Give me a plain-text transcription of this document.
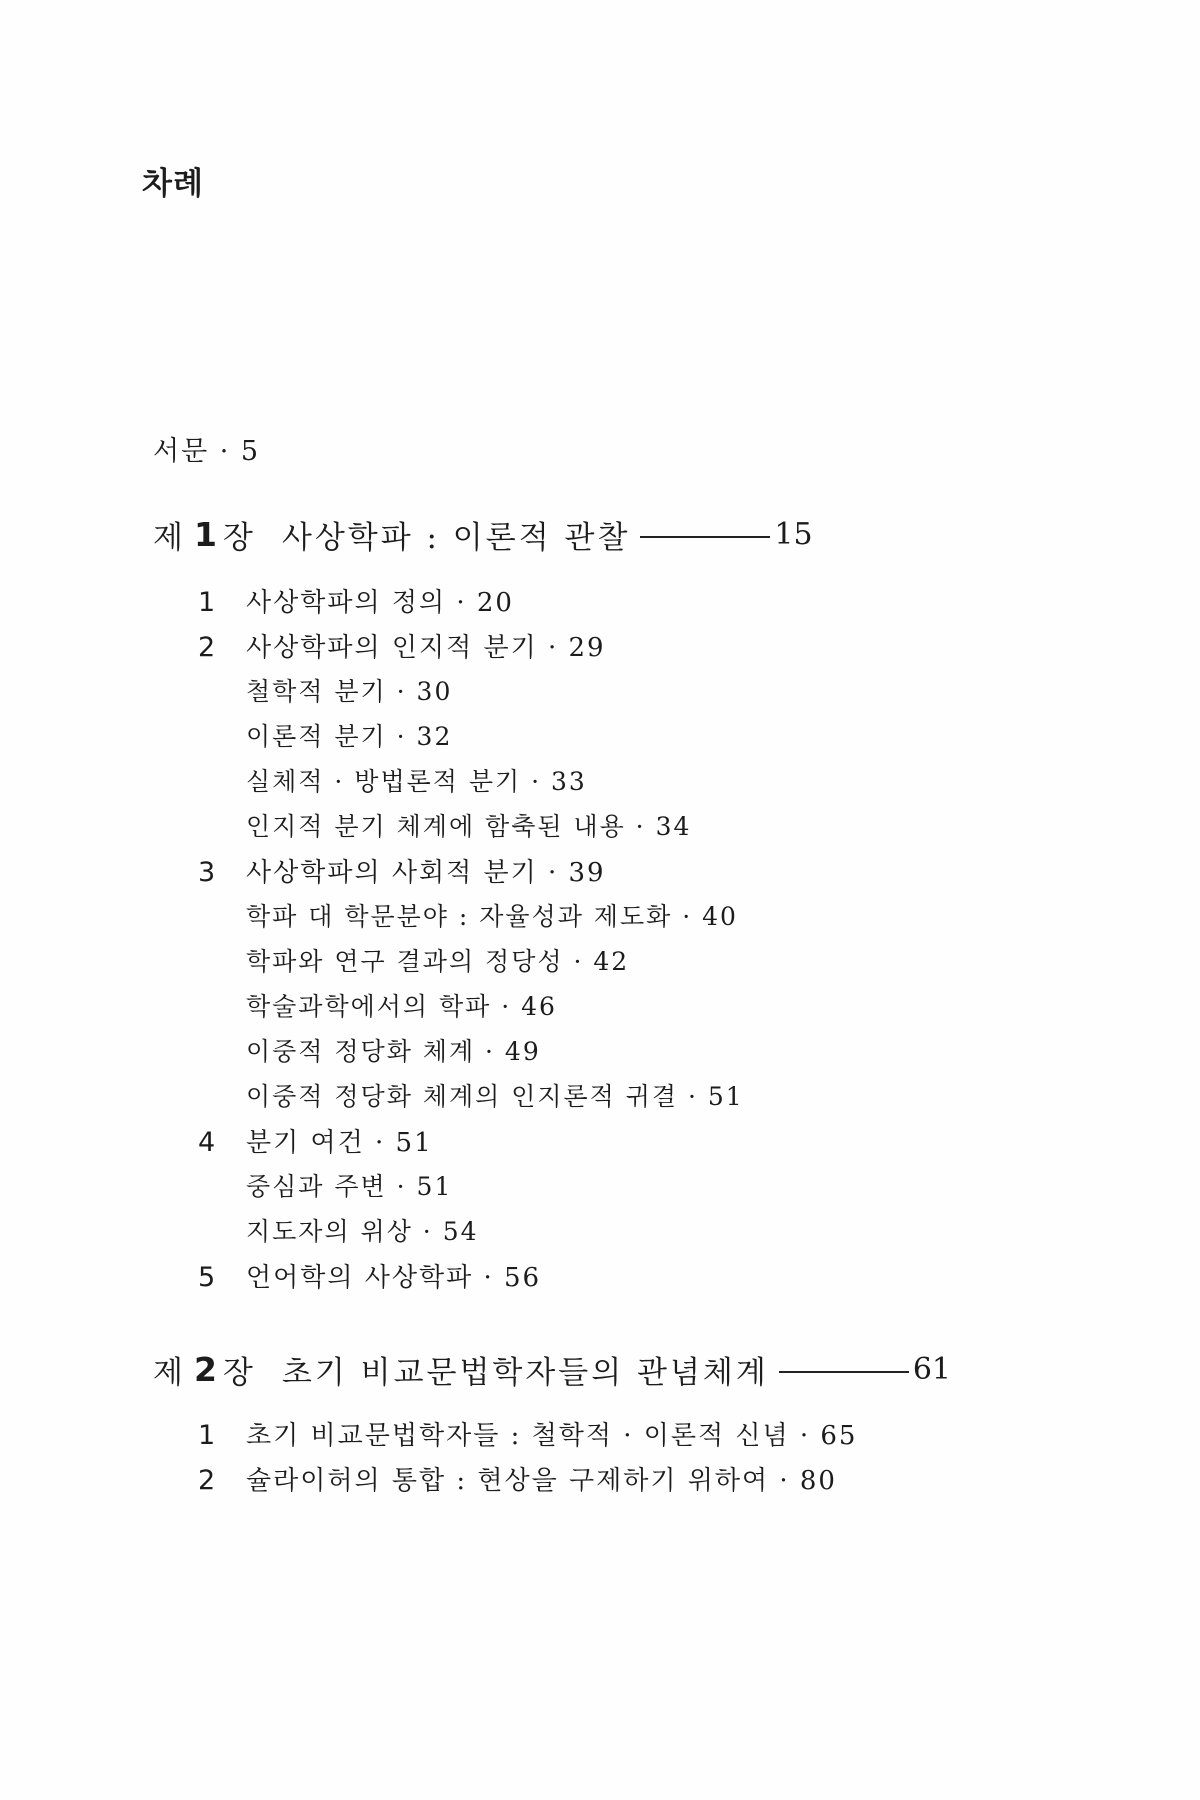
차례
서문 · 5
제 1 장 사상학파 : 이론적 관찰	15
1 사상학파의 정의 · 20
2 사상학파의 인지적 분기 · 29
철학적 분기 · 30
이론적 분기 · 32
실체적 · 방법론적 분기 · 33
인지적 분기 체계에 함축된 내용 · 34
3 사상학파의 사회적 분기 · 39
학파 대 학문분야 : 자율성과 제도화 · 40
학파와 연구 결과의 정당성 · 42
학술과학에서의 학파 · 46
이중적 정당화 체계 · 49
이중적 정당화 체계의 인지론적 귀결 · 51
4 분기 여건 · 51
중심과 주변 · 51
지도자의 위상 · 54
5 언어학의 사상학파 · 56
제 2 장 초기 비교문법학자들의 관념체계	61
1 초기 비교문법학자들 : 철학적 · 이론적 신념 · 65
2 슐라이허의 통합 : 현상을 구제하기 위하여 · 80
